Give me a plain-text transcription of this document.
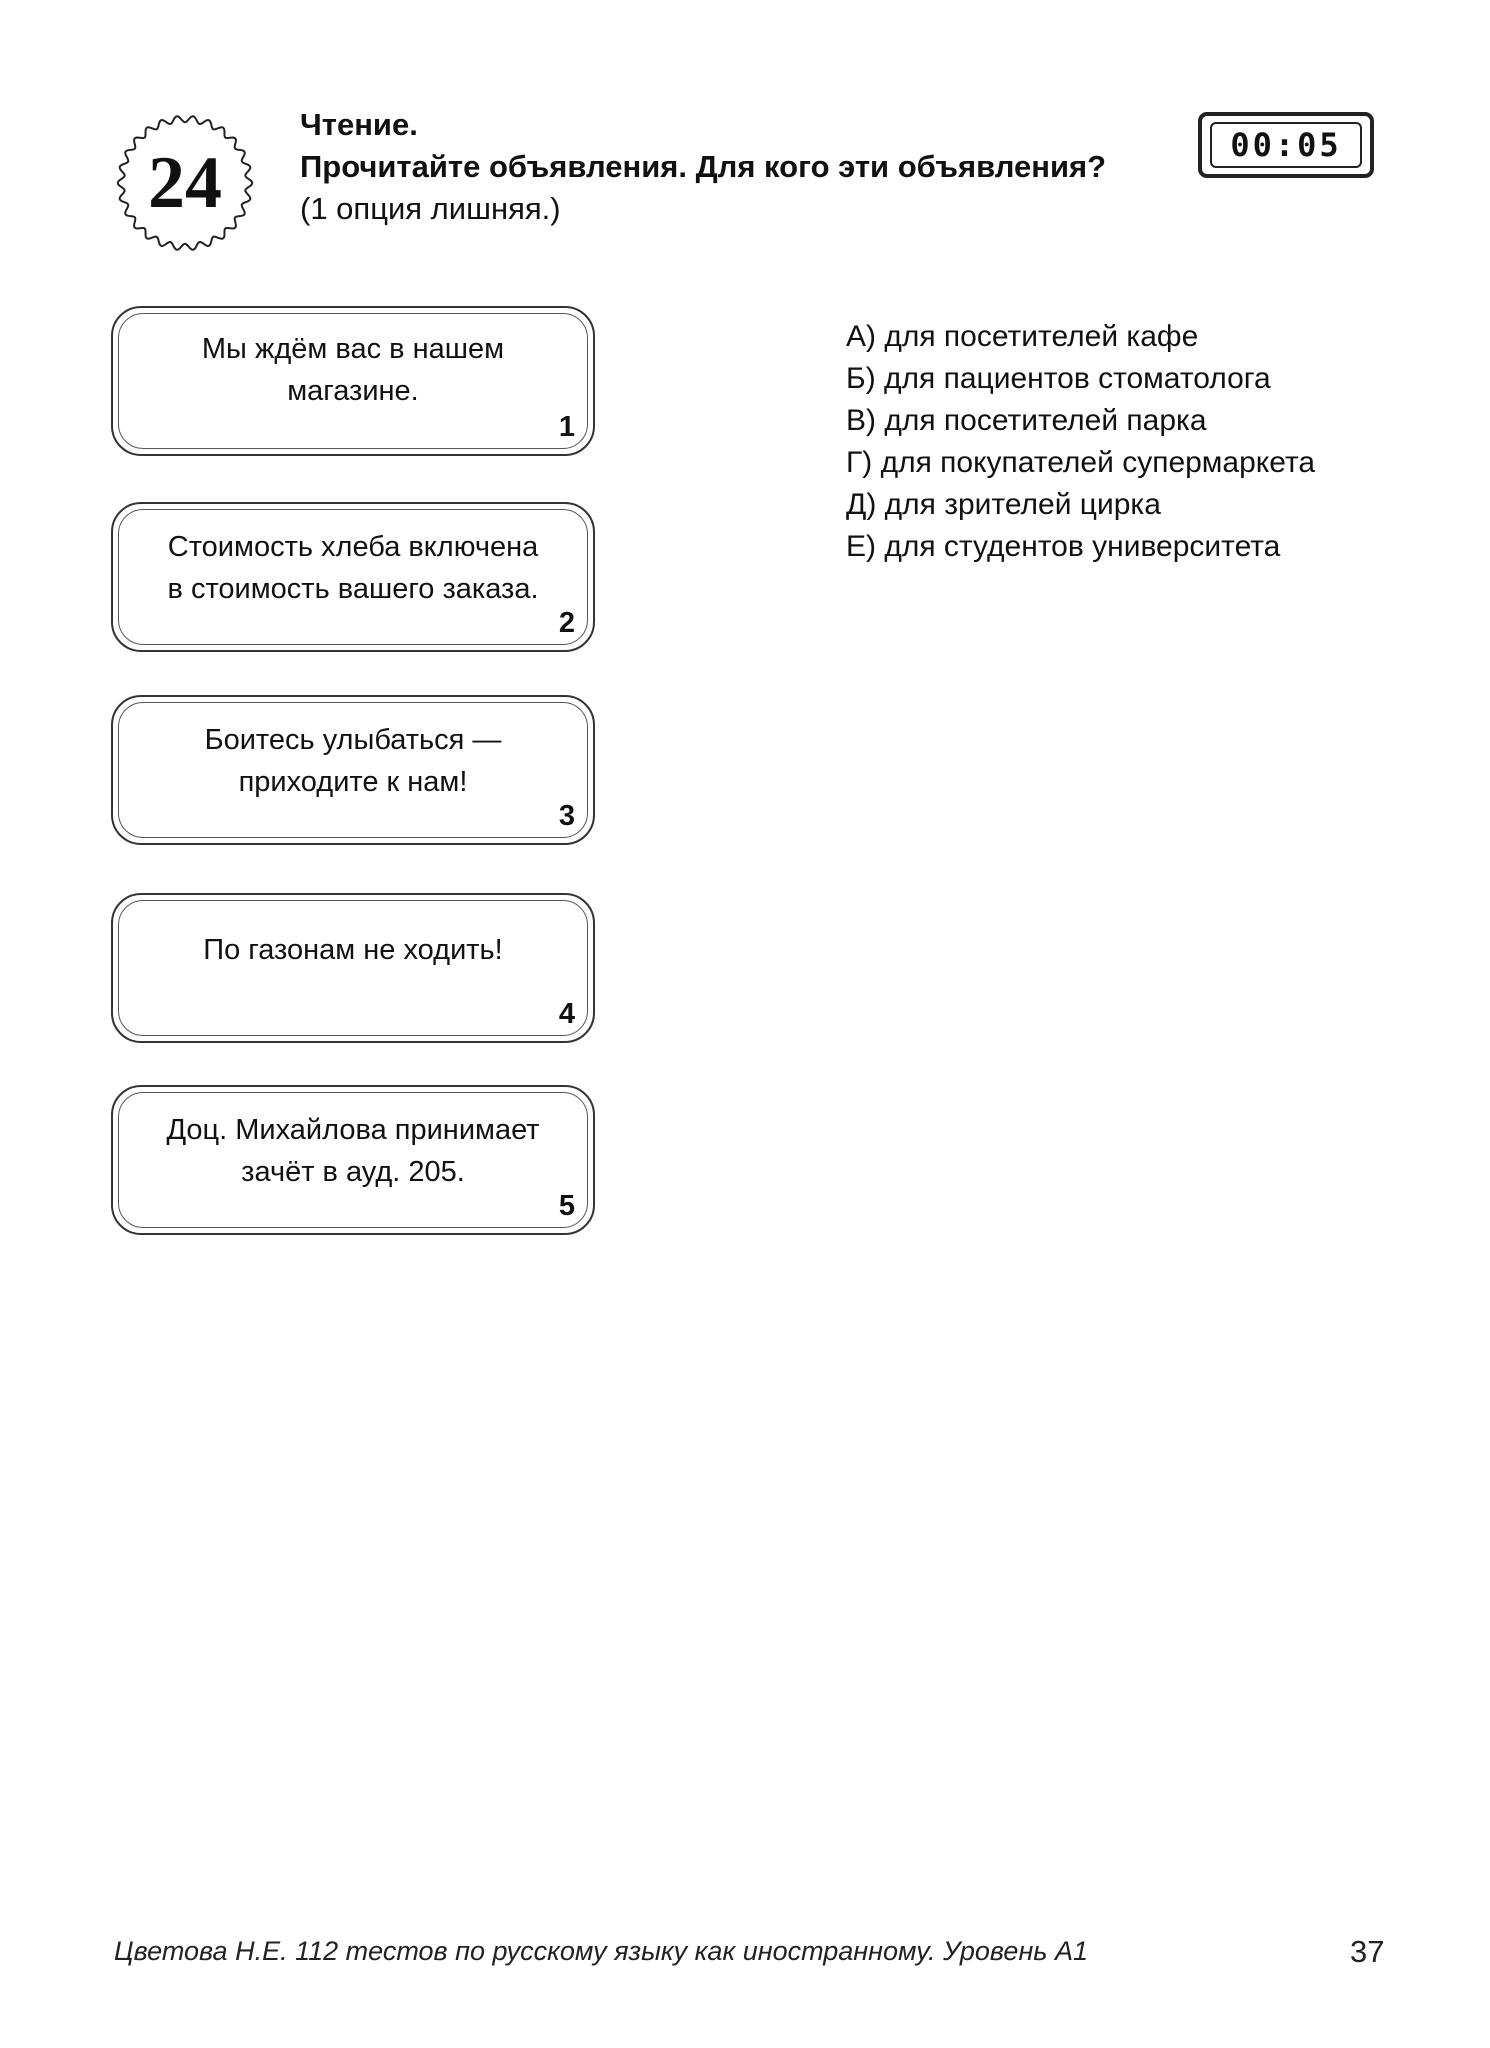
24
Чтение.
Прочитайте объявления. Для кого эти объявления?
(1 опция лишняя.)
00:05
Мы ждём вас в нашем
магазине.
1
Стоимость хлеба включена
в стоимость вашего заказа.
2
Боитесь улыбаться —
приходите к нам!
3
По газонам не ходить!
4
Доц. Михайлова принимает
зачёт в ауд. 205.
5
А) для посетителей кафе
Б) для пациентов стоматолога
В) для посетителей парка
Г) для покупателей супермаркета
Д) для зрителей цирка
Е) для студентов университета
Цветова Н.Е. 112 тестов по русскому языку как иностранному. Уровень А1	37
